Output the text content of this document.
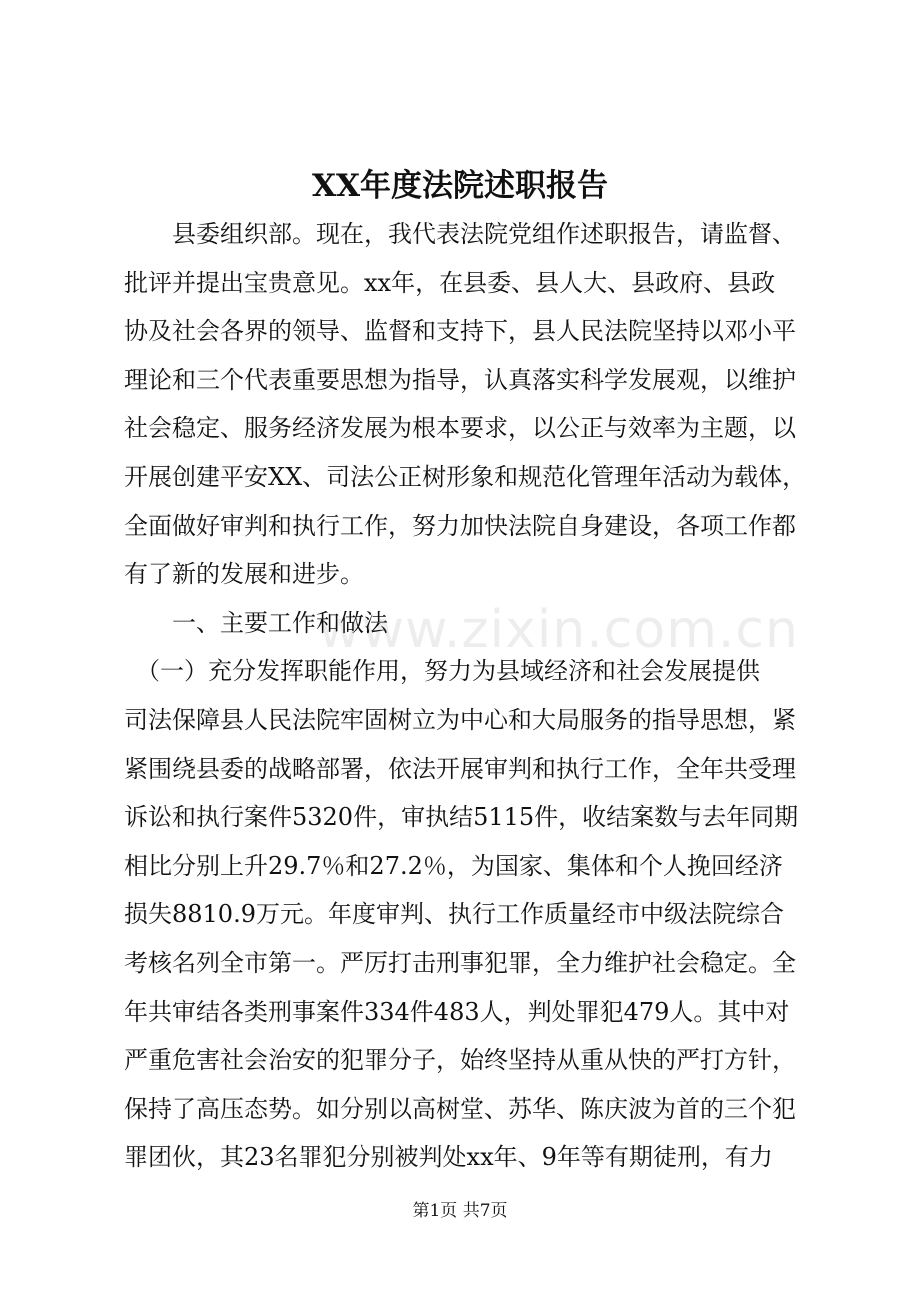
XX年度法院述职报告
　　县委组织部。现在，我代表法院党组作述职报告，请监督、
批评并提出宝贵意见。xx年，在县委、县人大、县政府、县政
协及社会各界的领导、监督和支持下，县人民法院坚持以邓小平
理论和三个代表重要思想为指导，认真落实科学发展观，以维护
社会稳定、服务经济发展为根本要求，以公正与效率为主题，以
开展创建平安XX、司法公正树形象和规范化管理年活动为载体，
全面做好审判和执行工作，努力加快法院自身建设，各项工作都
有了新的发展和进步。
　　一、主要工作和做法
　（一）充分发挥职能作用，努力为县域经济和社会发展提供
司法保障县人民法院牢固树立为中心和大局服务的指导思想，紧
紧围绕县委的战略部署，依法开展审判和执行工作，全年共受理
诉讼和执行案件5320件，审执结5115件，收结案数与去年同期
相比分别上升29.7％和27.2％，为国家、集体和个人挽回经济
损失8810.9万元。年度审判、执行工作质量经市中级法院综合
考核名列全市第一。严厉打击刑事犯罪，全力维护社会稳定。全
年共审结各类刑事案件334件483人，判处罪犯479人。其中对
严重危害社会治安的犯罪分子，始终坚持从重从快的严打方针，
保持了高压态势。如分别以高树堂、苏华、陈庆波为首的三个犯
罪团伙，其23名罪犯分别被判处xx年、9年等有期徒刑，有力
www.zixin.com.cn
第1页 共7页
